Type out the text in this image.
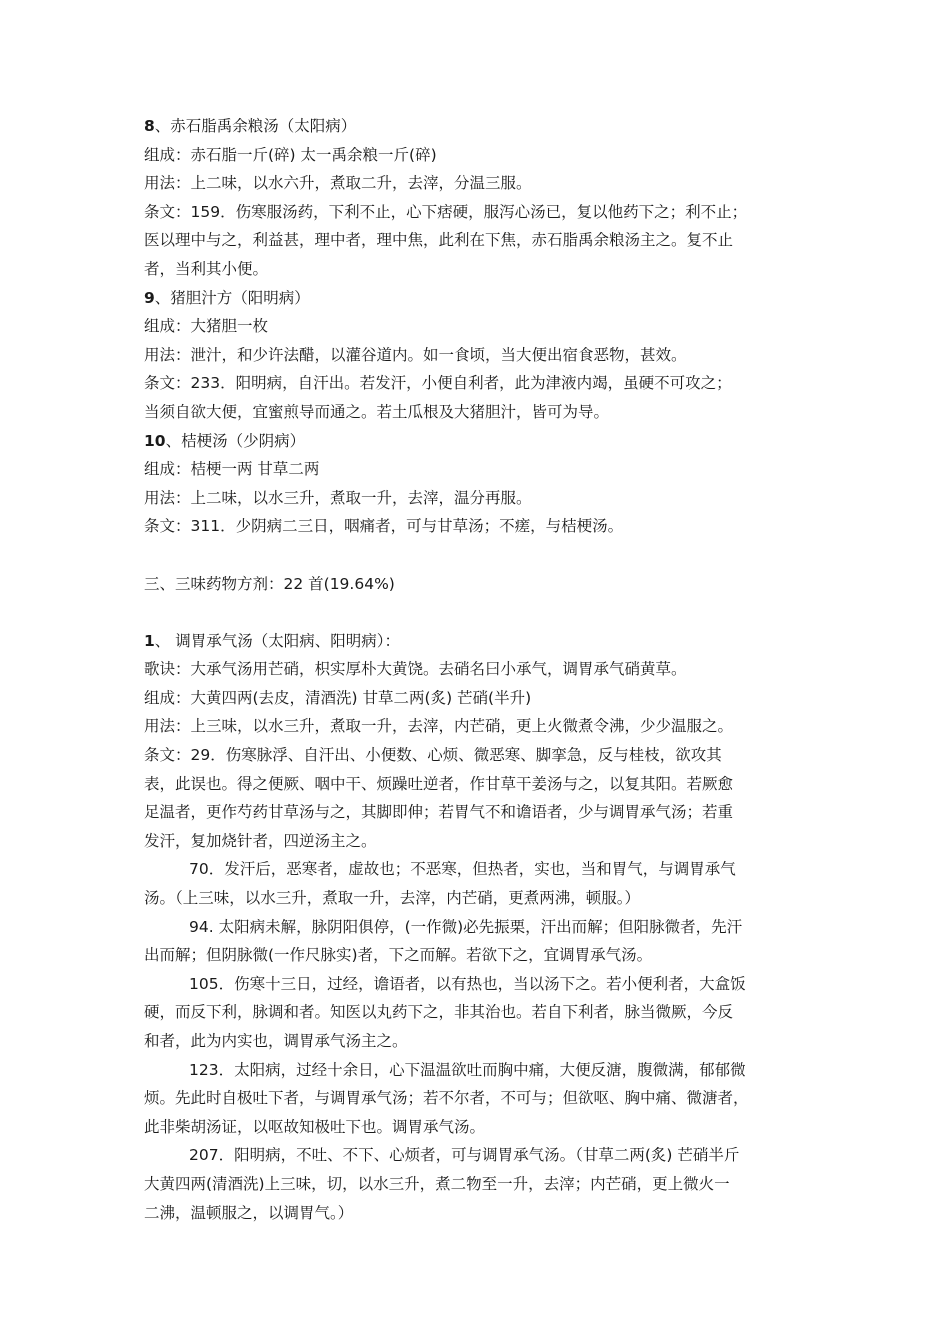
8、赤石脂禹余粮汤（太阳病）
组成：赤石脂一斤(碎) 太一禹余粮一斤(碎)
用法：上二味，以水六升，煮取二升，去滓，分温三服。
条文：159．伤寒服汤药，下利不止，心下痞硬，服泻心汤已，复以他药下之；利不止；
医以理中与之，利益甚，理中者，理中焦，此利在下焦，赤石脂禹余粮汤主之。复不止
者，当利其小便。
9、猪胆汁方（阳明病）
组成：大猪胆一枚
用法：泄汁，和少许法醋，以灌谷道内。如一食顷，当大便出宿食恶物，甚效。
条文：233．阳明病，自汗出。若发汗，小便自利者，此为津液内竭，虽硬不可攻之；
当须自欲大便，宜蜜煎导而通之。若土瓜根及大猪胆汁，皆可为导。
10、桔梗汤（少阴病）
组成：桔梗一两 甘草二两
用法：上二味，以水三升，煮取一升，去滓，温分再服。
条文：311．少阴病二三日，咽痛者，可与甘草汤；不瘥，与桔梗汤。
三、三味药物方剂：22 首(19.64%)
1、 调胃承气汤（太阳病、阳明病）：
歌诀：大承气汤用芒硝，枳实厚朴大黄饶。去硝名曰小承气，调胃承气硝黄草。
组成：大黄四两(去皮，清酒洗) 甘草二两(炙) 芒硝(半升)
用法：上三味，以水三升，煮取一升，去滓，内芒硝，更上火微煮令沸，少少温服之。
条文：29．伤寒脉浮、自汗出、小便数、心烦、微恶寒、脚挛急，反与桂枝，欲攻其
表，此误也。得之便厥、咽中干、烦躁吐逆者，作甘草干姜汤与之，以复其阳。若厥愈
足温者，更作芍药甘草汤与之，其脚即伸；若胃气不和谵语者，少与调胃承气汤；若重
发汗，复加烧针者，四逆汤主之。
70．发汗后，恶寒者，虚故也；不恶寒，但热者，实也，当和胃气，与调胃承气
汤。（上三味，以水三升，煮取一升，去滓，内芒硝，更煮两沸，顿服。）
94. 太阳病未解，脉阴阳俱停，(一作微)必先振栗，汗出而解；但阳脉微者，先汗
出而解；但阴脉微(一作尺脉实)者，下之而解。若欲下之，宜调胃承气汤。
105．伤寒十三日，过经，谵语者，以有热也，当以汤下之。若小便利者，大盒饭
硬，而反下利，脉调和者。知医以丸药下之，非其治也。若自下利者，脉当微厥，今反
和者，此为内实也，调胃承气汤主之。
123．太阳病，过经十余日，心下温温欲吐而胸中痛，大便反溏，腹微满，郁郁微
烦。先此时自极吐下者，与调胃承气汤；若不尔者，不可与；但欲呕、胸中痛、微溏者，
此非柴胡汤证，以呕故知极吐下也。调胃承气汤。
207．阳明病，不吐、不下、心烦者，可与调胃承气汤。（甘草二两(炙) 芒硝半斤
大黄四两(清酒洗)上三味，切，以水三升，煮二物至一升，去滓；内芒硝，更上微火一
二沸，温顿服之，以调胃气。）
